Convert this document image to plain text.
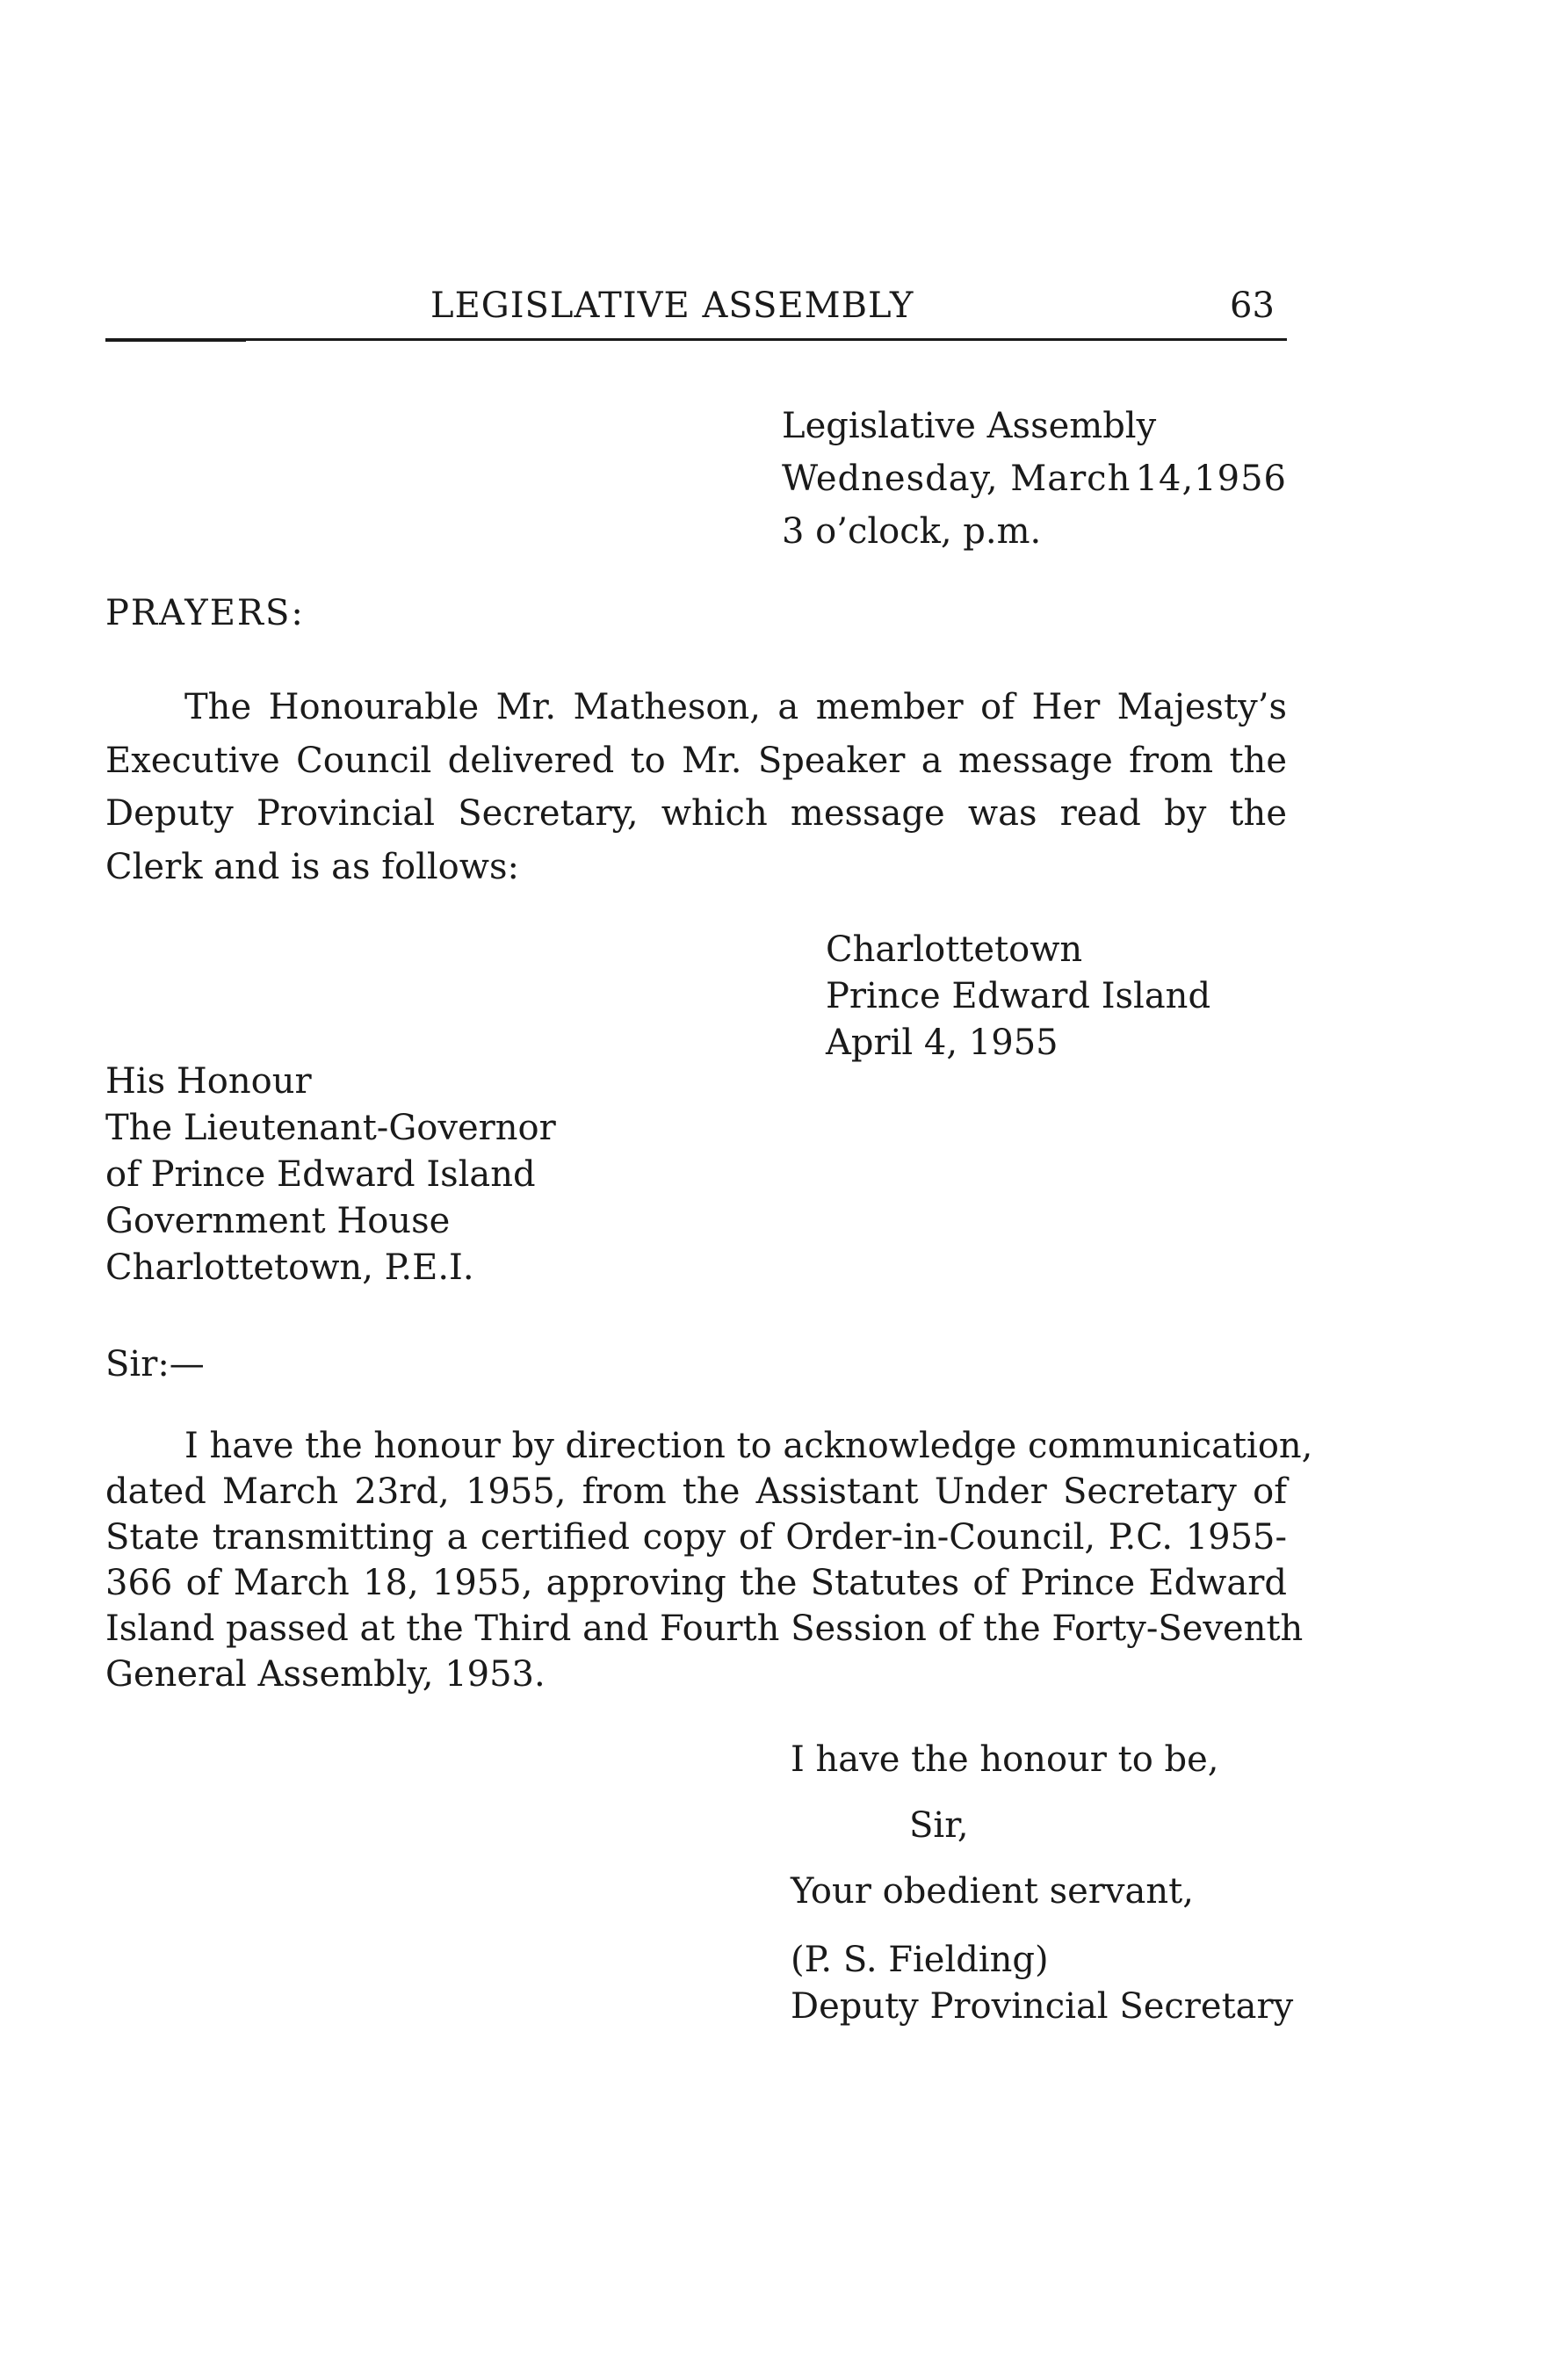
LEGISLATIVE ASSEMBLY	63
Legislative Assembly
Wednesday, March 14,1956
3 o’clock, p.m.
PRAYERS:
The Honourable Mr. Matheson, a member of Her Majesty’s
Executive Council delivered to Mr. Speaker a message from the
Deputy Provincial Secretary, which message was read by the
Clerk and is as follows:
Charlottetown
Prince Edward Island
April 4, 1955
His Honour
The Lieutenant-Governor
of Prince Edward Island
Government House
Charlottetown, P.E.I.
Sir:—
I have the honour by direction to acknowledge communication,
dated March 23rd, 1955, from the Assistant Under Secretary of
State transmitting a certified copy of Order-in-Council, P.C. 1955-
366 of March 18, 1955, approving the Statutes of Prince Edward
Island passed at the Third and Fourth Session of the Forty-Seventh
General Assembly, 1953.
I have the honour to be,
Sir,
Your obedient servant,
(P. S. Fielding)
Deputy Provincial Secretary
